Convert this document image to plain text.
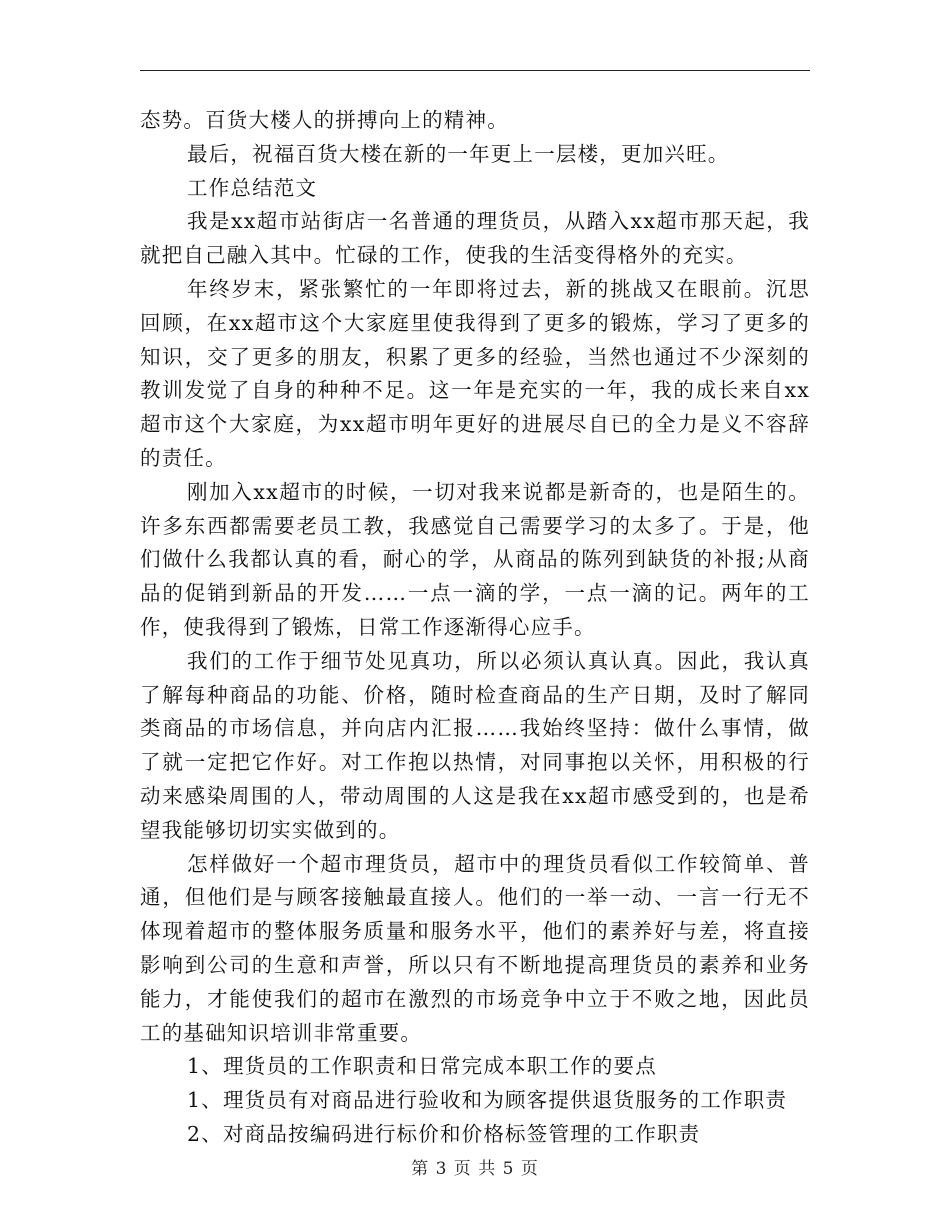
态势。百货大楼人的拼搏向上的精神。

最后，祝福百货大楼在新的一年更上一层楼，更加兴旺。

工作总结范文

我是xx超市站街店一名普通的理货员，从踏入xx超市那天起，我就把自己融入其中。忙碌的工作，使我的生活变得格外的充实。

年终岁末，紧张繁忙的一年即将过去，新的挑战又在眼前。沉思回顾，在xx超市这个大家庭里使我得到了更多的锻炼，学习了更多的知识，交了更多的朋友，积累了更多的经验，当然也通过不少深刻的教训发觉了自身的种种不足。这一年是充实的一年，我的成长来自xx超市这个大家庭，为xx超市明年更好的进展尽自已的全力是义不容辞的责任。

刚加入xx超市的时候，一切对我来说都是新奇的，也是陌生的。许多东西都需要老员工教，我感觉自己需要学习的太多了。于是，他们做什么我都认真的看，耐心的学，从商品的陈列到缺货的补报;从商品的促销到新品的开发……一点一滴的学，一点一滴的记。两年的工作，使我得到了锻炼，日常工作逐渐得心应手。

我们的工作于细节处见真功，所以必须认真认真。因此，我认真了解每种商品的功能、价格，随时检查商品的生产日期，及时了解同类商品的市场信息，并向店内汇报……我始终坚持：做什么事情，做了就一定把它作好。对工作抱以热情，对同事抱以关怀，用积极的行动来感染周围的人，带动周围的人这是我在xx超市感受到的，也是希望我能够切切实实做到的。

怎样做好一个超市理货员，超市中的理货员看似工作较简单、普通，但他们是与顾客接触最直接人。他们的一举一动、一言一行无不体现着超市的整体服务质量和服务水平，他们的素养好与差，将直接影响到公司的生意和声誉，所以只有不断地提高理货员的素养和业务能力，才能使我们的超市在激烈的市场竞争中立于不败之地，因此员工的基础知识培训非常重要。

1、理货员的工作职责和日常完成本职工作的要点

1、理货员有对商品进行验收和为顾客提供退货服务的工作职责

2、对商品按编码进行标价和价格标签管理的工作职责

第 3 页 共 5 页
